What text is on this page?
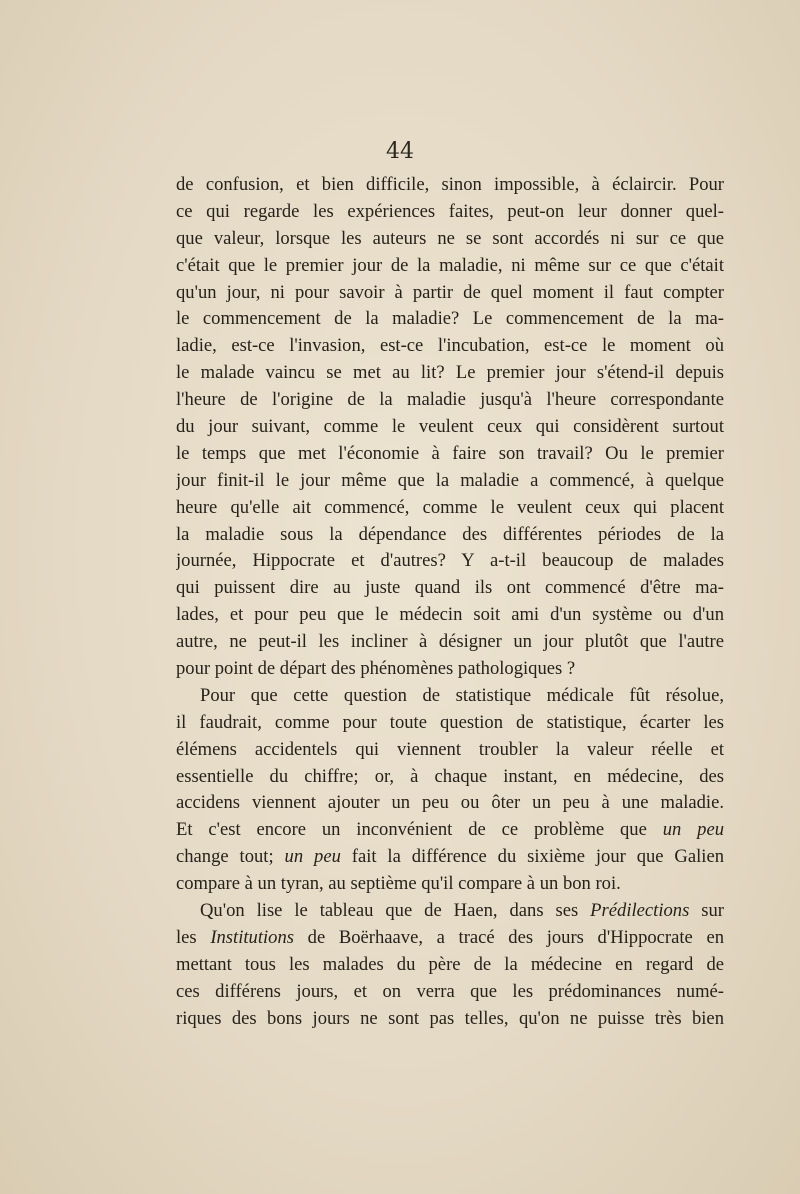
44
de confusion, et bien difficile, sinon impossible, à éclaircir. Pour
ce qui regarde les expériences faites, peut-on leur donner quel-
que valeur, lorsque les auteurs ne se sont accordés ni sur ce que
c'était que le premier jour de la maladie, ni même sur ce que c'était
qu'un jour, ni pour savoir à partir de quel moment il faut compter
le commencement de la maladie? Le commencement de la ma-
ladie, est-ce l'invasion, est-ce l'incubation, est-ce le moment où
le malade vaincu se met au lit? Le premier jour s'étend-il depuis
l'heure de l'origine de la maladie jusqu'à l'heure correspondante
du jour suivant, comme le veulent ceux qui considèrent surtout
le temps que met l'économie à faire son travail? Ou le premier
jour finit-il le jour même que la maladie a commencé, à quelque
heure qu'elle ait commencé, comme le veulent ceux qui placent
la maladie sous la dépendance des différentes périodes de la
journée, Hippocrate et d'autres? Y a-t-il beaucoup de malades
qui puissent dire au juste quand ils ont commencé d'être ma-
lades, et pour peu que le médecin soit ami d'un système ou d'un
autre, ne peut-il les incliner à désigner un jour plutôt que l'autre
pour point de départ des phénomènes pathologiques ?
Pour que cette question de statistique médicale fût résolue,
il faudrait, comme pour toute question de statistique, écarter les
élémens accidentels qui viennent troubler la valeur réelle et
essentielle du chiffre; or, à chaque instant, en médecine, des
accidens viennent ajouter un peu ou ôter un peu à une maladie.
Et c'est encore un inconvénient de ce problème que un peu
change tout; un peu fait la différence du sixième jour que Galien
compare à un tyran, au septième qu'il compare à un bon roi.
Qu'on lise le tableau que de Haen, dans ses Prédilections sur
les Institutions de Boërhaave, a tracé des jours d'Hippocrate en
mettant tous les malades du père de la médecine en regard de
ces différens jours, et on verra que les prédominances numé-
riques des bons jours ne sont pas telles, qu'on ne puisse très bien
